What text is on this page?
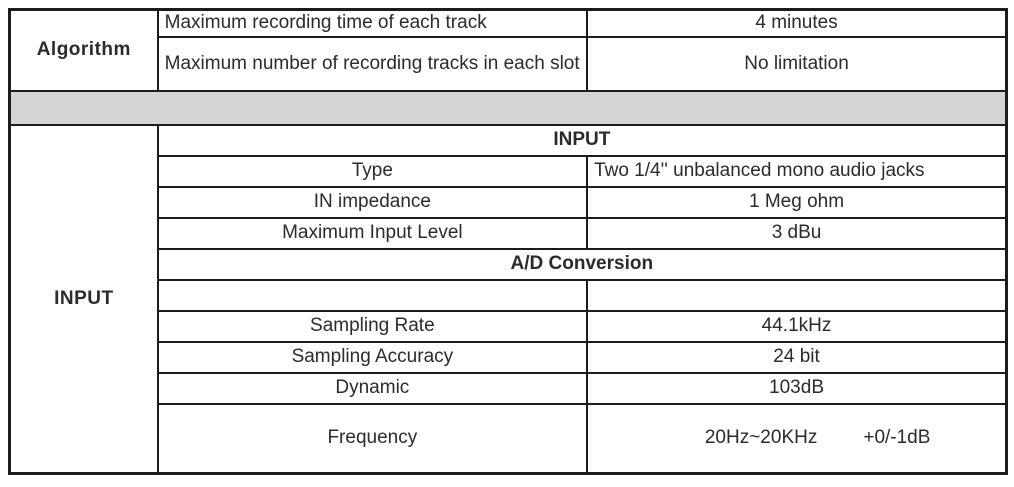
Algorithm	Maximum recording time of each track	4 minutes
	Maximum number of recording tracks in each slot	No limitation

INPUT	INPUT	
	Type	Two 1/4'' unbalanced mono audio jacks
	IN impedance	1 Meg ohm
	Maximum Input Level	3 dBu
	A/D Conversion	

	Sampling Rate	44.1kHz
	Sampling Accuracy	24 bit
	Dynamic	103dB
	Frequency	20Hz~20KHz +0/-1dB
